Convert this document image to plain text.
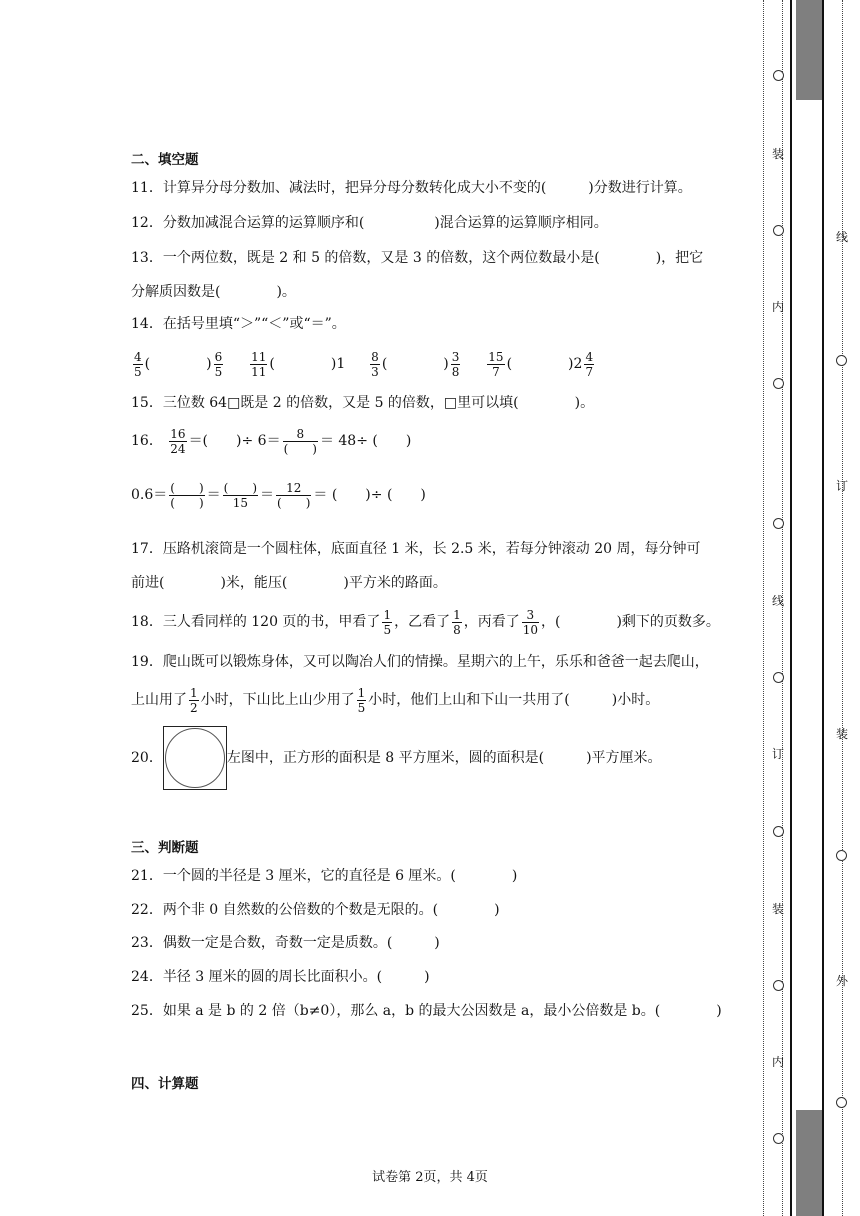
二、填空题
11．计算异分母分数加、减法时，把异分母分数转化成大小不变的(　　　)分数进行计算。
12．分数加减混合运算的运算顺序和(　　　　　)混合运算的运算顺序相同。
13．一个两位数，既是 2 和 5 的倍数，又是 3 的倍数，这个两位数最小是(　　　　)，把它
分解质因数是(　　　　)。
14．在括号里填“＞”“＜”或“＝”。
$\frac{4}{5}$ (　　　　) $\frac{6}{5}$
$\frac{11}{11}$ (　　　　)$1 \frac{8}{3}$ (　　　　) $\frac{3}{8}$
$\frac{15}{7}$ (　　　　)$2 \frac{4}{7}$
15．三位数 64□既是 2 的倍数，又是 5 的倍数，□里可以填(　　　　)。
16． $\frac{16}{24}$ ＝(　　)÷ $6= \frac{8}{( )} = 48\div$ (　　)
$0.6= \frac{( )}{( )} = \frac{( )}{15} = \frac{12}{( )}$ ＝ (　　)÷ (　　)
17．压路机滚筒是一个圆柱体，底面直径 1 米，长 2.5 米，若每分钟滚动 20 周，每分钟可
前进(　　　　)米，能压(　　　　)平方米的路面。
18．三人看同样的 120 页的书，甲看了 $\frac{1}{5}$ ，乙看了 $\frac{1}{8}$ ，丙看了 $\frac{3}{10}$ ，(　　　　)剩下的页数多。
19．爬山既可以锻炼身体，又可以陶冶人们的情操。星期六的上午，乐乐和爸爸一起去爬山，
上山用了 $\frac{1}{2}$ 小时，下山比上山少用了 $\frac{1}{5}$ 小时，他们上山和下山一共用了(　　　)小时。
20．	左图中，正方形的面积是 8 平方厘米，圆的面积是(　　　)平方厘米。
三、判断题
21．一个圆的半径是 3 厘米，它的直径是 6 厘米。(　　　　)
22．两个非 0 自然数的公倍数的个数是无限的。(　　　　)
23．偶数一定是合数，奇数一定是质数。(　　　)
24．半径 3 厘米的圆的周长比面积小。(　　　)
25．如果 a 是 b 的 2 倍（b≠0），那么 a，b 的最大公因数是 a，最小公倍数是 b。(　　　　)
四、计算题
试卷第 2页，共 4页
装
内
线
订
装
内
线
订
装
外
